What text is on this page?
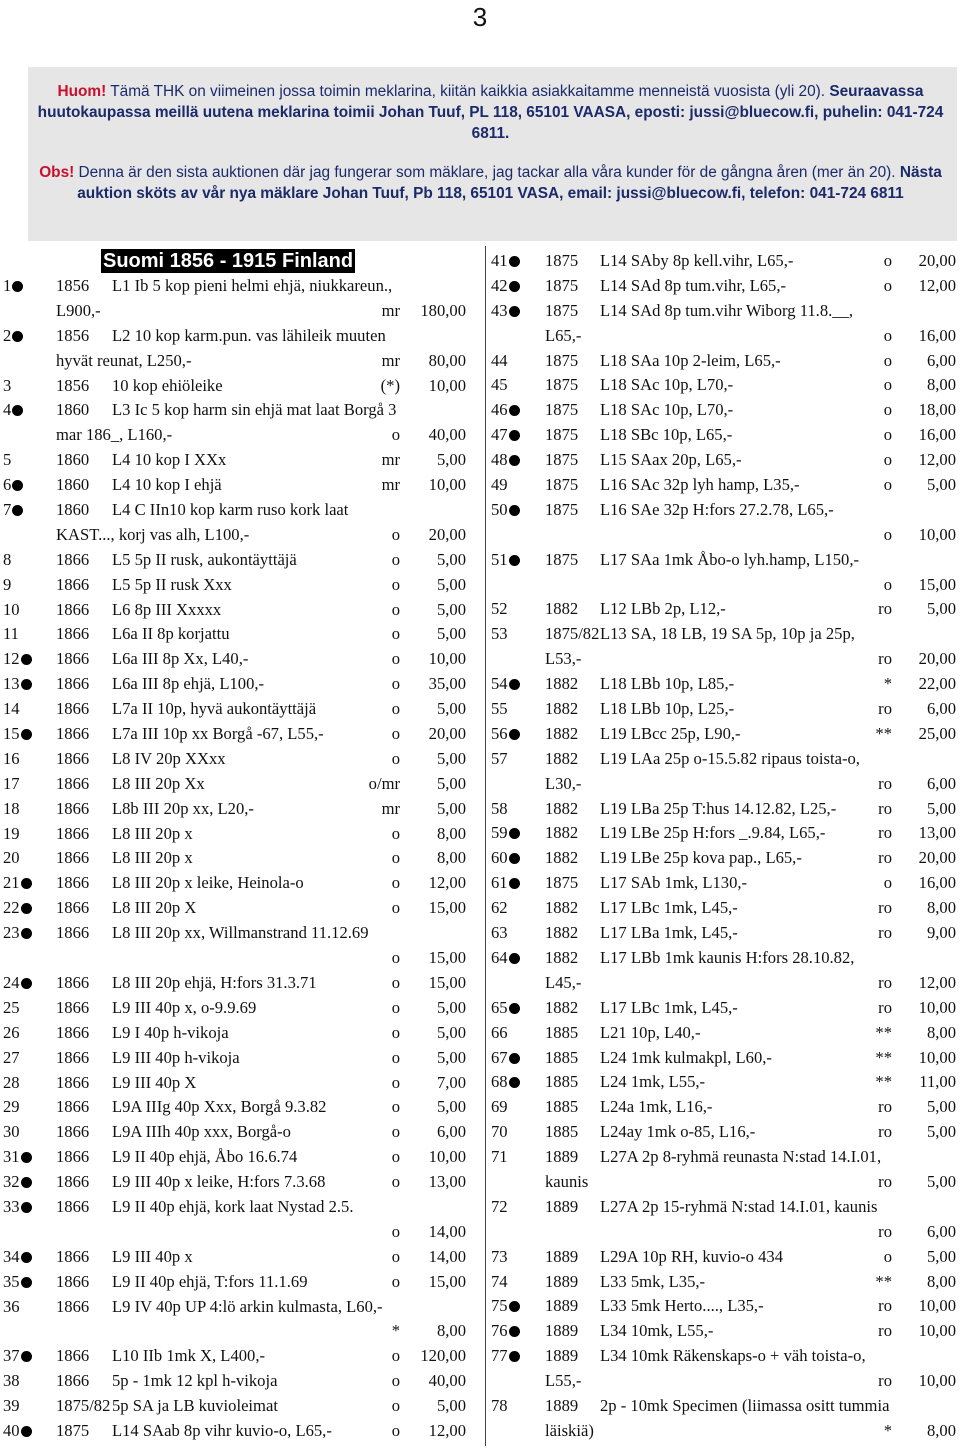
3

Huom! Tämä THK on viimeinen jossa toimin meklarina, kiitän kaikkia asiakkaitamme menneistä vuosista (yli 20). Seuraavassa huutokaupassa meillä uutena meklarina toimii Johan Tuuf, PL 118, 65101 VAASA, eposti: jussi@bluecow.fi, puhelin: 041-724 6811.

Obs! Denna är den sista auktionen där jag fungerar som mäklare, jag tackar alla våra kunder för de gångna åren (mer än 20). Nästa auktion sköts av vår nya mäklare Johan Tuuf, Pb 118, 65101 VASA, email: jussi@bluecow.fi, telefon: 041-724 6811

Suomi 1856 - 1915 Finland
1	1856 L1 Ib 5 kop pieni helmi ehjä, niukkareun.,
L900,-	mr 180,00
2	1856 L2 10 kop karm.pun. vas lähileik muuten
hyvät reunat, L250,-	mr 80,00
3	1856 10 kop ehiöleike	(*) 10,00
4	1860 L3 Ic 5 kop harm sin ehjä mat laat Borgå 3
mar 186_, L160,-	o 40,00
5	1860 L4 10 kop I XXx	mr 5,00
6	1860 L4 10 kop I ehjä	mr 10,00
7	1860 L4 C IIn10 kop karm ruso kork laat
KAST..., korj vas alh, L100,-	o 20,00
8	1866 L5 5p II rusk, aukontäyttäjä	o 5,00
9	1866 L5 5p II rusk Xxx	o 5,00
10 1866 L6 8p III Xxxxx	o 5,00
11 1866 L6a II 8p korjattu	o 5,00
12	1866 L6a III 8p Xx, L40,-	o 10,00
13	1866 L6a III 8p ehjä, L100,-	o 35,00
14 1866 L7a II 10p, hyvä aukontäyttäjä	o 5,00
15	1866 L7a III 10p xx Borgå -67, L55,-	o 20,00
16 1866 L8 IV 20p XXxx	o 5,00
17 1866 L8 III 20p Xx	o/mr 5,00
18 1866 L8b III 20p xx, L20,-	mr 5,00
19 1866 L8 III 20p x	o 8,00
20 1866 L8 III 20p x	o 8,00
21	1866 L8 III 20p x leike, Heinola-o	o 12,00
22	1866 L8 III 20p X	o 15,00
23	1866 L8 III 20p xx, Willmanstrand 11.12.69
o 15,00
24	1866 L8 III 20p ehjä, H:fors 31.3.71	o 15,00
25 1866 L9 III 40p x, o-9.9.69	o 5,00
26 1866 L9 I 40p h-vikoja	o 5,00
27 1866 L9 III 40p h-vikoja	o 5,00
28 1866 L9 III 40p X	o 7,00
29 1866 L9A IIIg 40p Xxx, Borgå 9.3.82	o 5,00
30 1866 L9A IIIh 40p xxx, Borgå-o	o 6,00
31	1866 L9 II 40p ehjä, Åbo 16.6.74	o 10,00
32	1866 L9 III 40p x leike, H:fors 7.3.68	o 13,00
33	1866 L9 II 40p ehjä, kork laat Nystad 2.5.
o 14,00
34	1866 L9 III 40p x	o 14,00
35	1866 L9 II 40p ehjä, T:fors 11.1.69	o 15,00
36 1866 L9 IV 40p UP 4:lö arkin kulmasta, L60,-
* 8,00
37	1866 L10 IIb 1mk X, L400,-	o 120,00
38 1866 5p - 1mk 12 kpl h-vikoja	o 40,00
39 1875/82 5p SA ja LB kuvioleimat	o 5,00
40	1875 L14 SAab 8p vihr kuvio-o, L65,-	o 12,00
41	1875 L14 SAby 8p kell.vihr, L65,-	o 20,00
42	1875 L14 SAd 8p tum.vihr, L65,-	o 12,00
43	1875 L14 SAd 8p tum.vihr Wiborg 11.8.__,
L65,-	o 16,00
44 1875 L18 SAa 10p 2-leim, L65,-	o 6,00
45 1875 L18 SAc 10p, L70,-	o 8,00
46	1875 L18 SAc 10p, L70,-	o 18,00
47	1875 L18 SBc 10p, L65,-	o 16,00
48	1875 L15 SAax 20p, L65,-	o 12,00
49 1875 L16 SAc 32p lyh hamp, L35,-	o 5,00
50	1875 L16 SAe 32p H:fors 27.2.78, L65,-
o 10,00
51	1875 L17 SAa 1mk Åbo-o lyh.hamp, L150,-
o 15,00
52 1882 L12 LBb 2p, L12,-	ro 5,00
53 1875/82 L13 SA, 18 LB, 19 SA 5p, 10p ja 25p,
L53,-	ro 20,00
54	1882 L18 LBb 10p, L85,-	* 22,00
55 1882 L18 LBb 10p, L25,-	ro 6,00
56	1882 L19 LBcc 25p, L90,-	** 25,00
57 1882 L19 LAa 25p o-15.5.82 ripaus toista-o,
L30,-	ro 6,00
58 1882 L19 LBa 25p T:hus 14.12.82, L25,-	ro 5,00
59	1882 L19 LBe 25p H:fors _.9.84, L65,-	ro 13,00
60	1882 L19 LBe 25p kova pap., L65,-	ro 20,00
61	1875 L17 SAb 1mk, L130,-	o 16,00
62 1882 L17 LBc 1mk, L45,-	ro 8,00
63 1882 L17 LBa 1mk, L45,-	ro 9,00
64	1882 L17 LBb 1mk kaunis H:fors 28.10.82,
L45,-	ro 12,00
65	1882 L17 LBc 1mk, L45,-	ro 10,00
66 1885 L21 10p, L40,-	** 8,00
67	1885 L24 1mk kulmakpl, L60,-	** 10,00
68	1885 L24 1mk, L55,-	** 11,00
69 1885 L24a 1mk, L16,-	ro 5,00
70 1885 L24ay 1mk o-85, L16,-	ro 5,00
71 1889 L27A 2p 8-ryhmä reunasta N:stad 14.I.01,
kaunis	ro 5,00
72 1889 L27A 2p 15-ryhmä N:stad 14.I.01, kaunis
ro 6,00
73 1889 L29A 10p RH, kuvio-o 434	o 5,00
74 1889 L33 5mk, L35,-	** 8,00
75	1889 L33 5mk Herto...., L35,-	ro 10,00
76	1889 L34 10mk, L55,-	ro 10,00
77	1889 L34 10mk Räkenskaps-o + väh toista-o,
L55,-	ro 10,00
78 1889 2p - 10mk Specimen (liimassa ositt tummia
läiskiä)	* 8,00
